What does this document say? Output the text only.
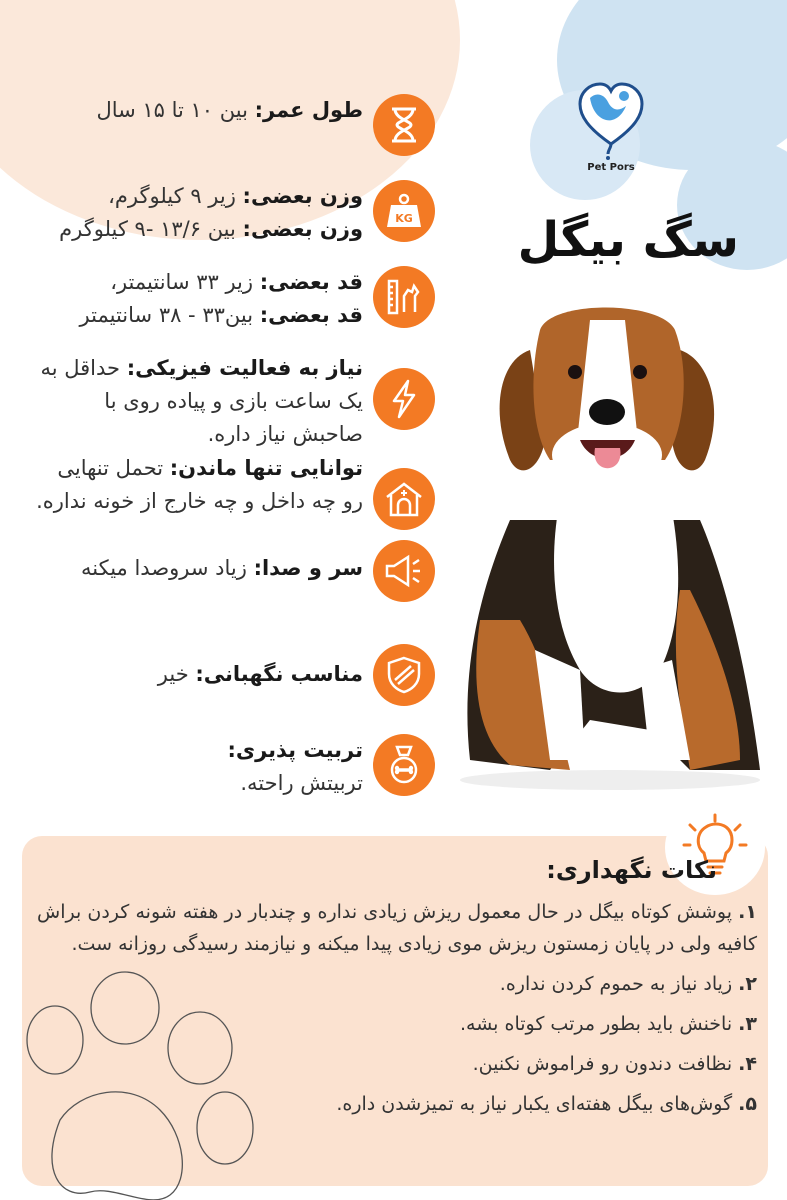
Pet Pors
سگ بیگل
طول عمر: بین ۱۰ تا ۱۵ سال
KG
وزن بعضی: زیر ۹ کیلوگرم،
وزن بعضی: بین ۱۳/۶ -۹ کیلوگرم
قد بعضی: زیر ۳۳ سانتیمتر،
قد بعضی: بین۳۳ - ۳۸ سانتیمتر
نیاز به فعالیت فیزیکی: حداقل به یک ساعت بازی و پیاده روی با صاحبش نیاز داره.
توانایی تنها ماندن: تحمل تنهایی رو چه داخل و چه خارج از خونه نداره.
سر و صدا: زیاد سروصدا میکنه
مناسب نگهبانی: خیر
تربیت پذیری:
تربیتش راحته.
نکات نگهداری:
۱. پوشش کوتاه بیگل در حال معمول ریزش زیادی نداره و چندبار در هفته شونه کردن براش کافیه ولی در پایان زمستون ریزش موی زیادی پیدا میکنه و نیازمند رسیدگی روزانه ست.
۲. زیاد نیاز به حموم کردن نداره.
۳. ناخنش باید بطور مرتب کوتاه بشه.
۴. نظافت دندون رو فراموش نکنین.
۵. گوش‌های بیگل هفته‌ای یکبار نیاز به تمیزشدن داره.
